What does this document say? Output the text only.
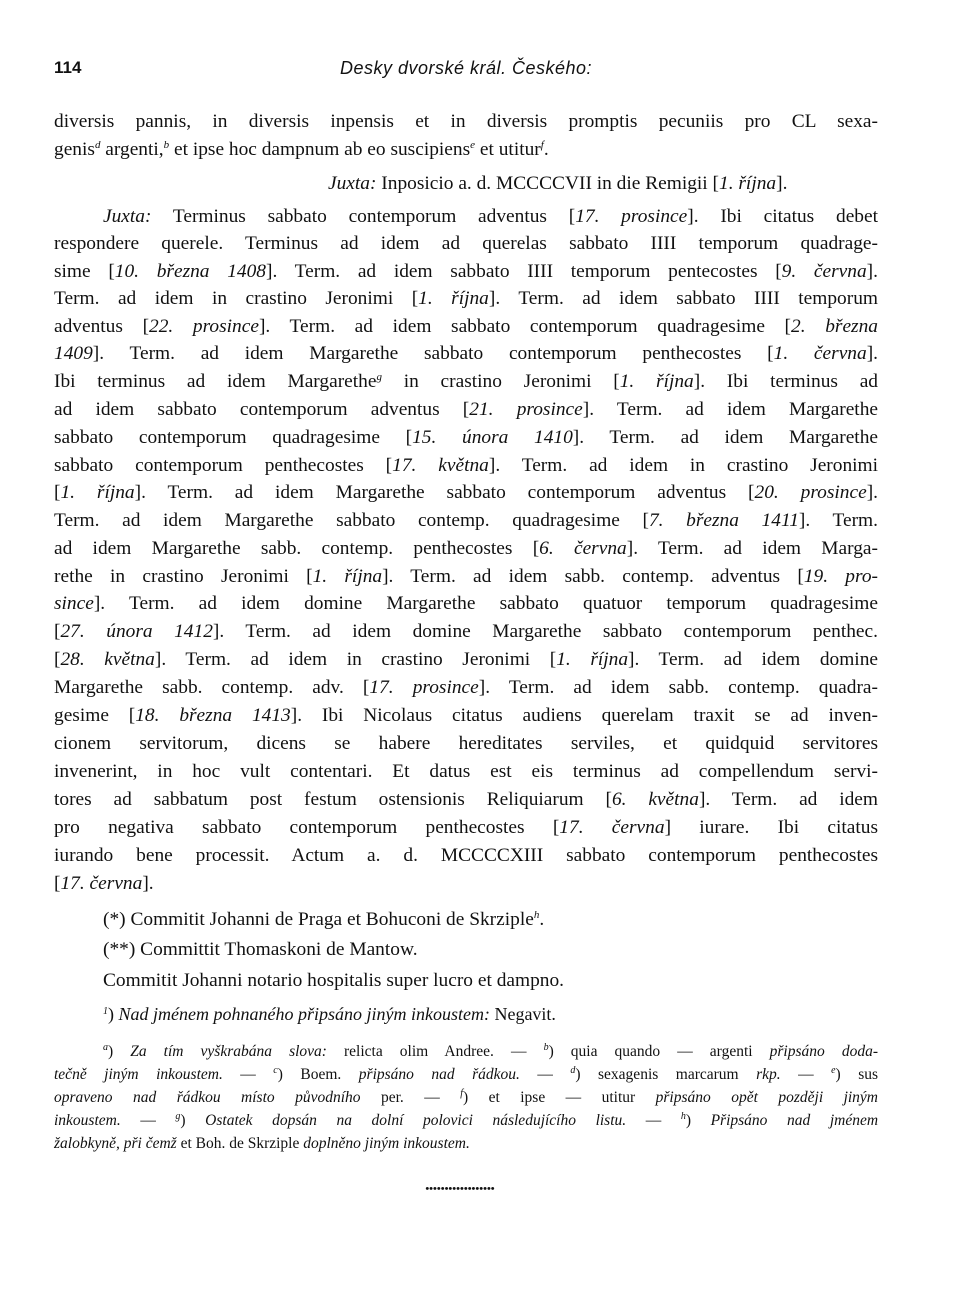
114	Desky dvorské král. Českého:
diversis pannis, in diversis inpensis et in diversis promptis pecuniis pro CL sexa-
genis$^d$ argenti,$^b$ et ipse hoc dampnum ab eo suscipiens$^e$ et utitur$^f$.
Juxta: Inposicio a. d. MCCCCVII in die Remigii [1. října].
Juxta: Terminus sabbato contemporum adventus [17. prosince]. Ibi citatus debet
respondere querele. Terminus ad idem ad querelas sabbato IIII temporum quadrage-
sime [10. března 1408]. Term. ad idem sabbato IIII temporum pentecostes [9. června].
Term. ad idem in crastino Jeronimi [1. října]. Term. ad idem sabbato IIII temporum
adventus [22. prosince]. Term. ad idem sabbato contemporum quadragesime [2. března
1409]. Term. ad idem Margarethe sabbato contemporum penthecostes [1. června].
Ibi terminus ad idem Margarethe$^g$ in crastino Jeronimi [1. října]. Ibi terminus ad
ad idem sabbato contemporum adventus [21. prosince]. Term. ad idem Margarethe
sabbato contemporum quadragesime [15. února 1410]. Term. ad idem Margarethe
sabbato contemporum penthecostes [17. května]. Term. ad idem in crastino Jeronimi
[1. října]. Term. ad idem Margarethe sabbato contemporum adventus [20. prosince].
Term. ad idem Margarethe sabbato contemp. quadragesime [7. března 1411]. Term.
ad idem Margarethe sabb. contemp. penthecostes [6. června]. Term. ad idem Marga-
rethe in crastino Jeronimi [1. října]. Term. ad idem sabb. contemp. adventus [19. pro-
since]. Term. ad idem domine Margarethe sabbato quatuor temporum quadragesime
[27. února 1412]. Term. ad idem domine Margarethe sabbato contemporum penthec.
[28. května]. Term. ad idem in crastino Jeronimi [1. října]. Term. ad idem domine
Margarethe sabb. contemp. adv. [17. prosince]. Term. ad idem sabb. contemp. quadra-
gesime [18. března 1413]. Ibi Nicolaus citatus audiens querelam traxit se ad inven-
cionem servitorum, dicens se habere hereditates serviles, et quidquid servitores
invenerint, in hoc vult contentari. Et datus est eis terminus ad compellendum servi-
tores ad sabbatum post festum ostensionis Reliquiarum [6. května]. Term. ad idem
pro negativa sabbato contemporum penthecostes [17. června] iurare. Ibi citatus
iurando bene processit. Actum a. d. MCCCCXIII sabbato contemporum penthecostes
[17. června].
(*) Commitit Johanni de Praga et Bohuconi de Skrziple$^h$.
(**) Committit Thomaskoni de Mantow.
Commitit Johanni notario hospitalis super lucro et dampno.
$^1$) Nad jménem pohnaného připsáno jiným inkoustem: Negavit.
$^a$) Za tím vyškrabána slova: relicta olim Andree. — $^b$) quia quando — argenti připsáno doda-
tečně jiným inkoustem. — $^c$) Boem. připsáno nad řádkou. — $^d$) sexagenis marcarum rkp. — $^e$) sus
opraveno nad řádkou místo původního per. — $^f$) et ipse — utitur připsáno opět později jiným
inkoustem. — $^g$) Ostatek dopsán na dolní polovici následujícího listu. — $^h$) Připsáno nad jménem
žalobkyně, při čemž et Boh. de Skrziple doplněno jiným inkoustem.
••••••••••••••••••
